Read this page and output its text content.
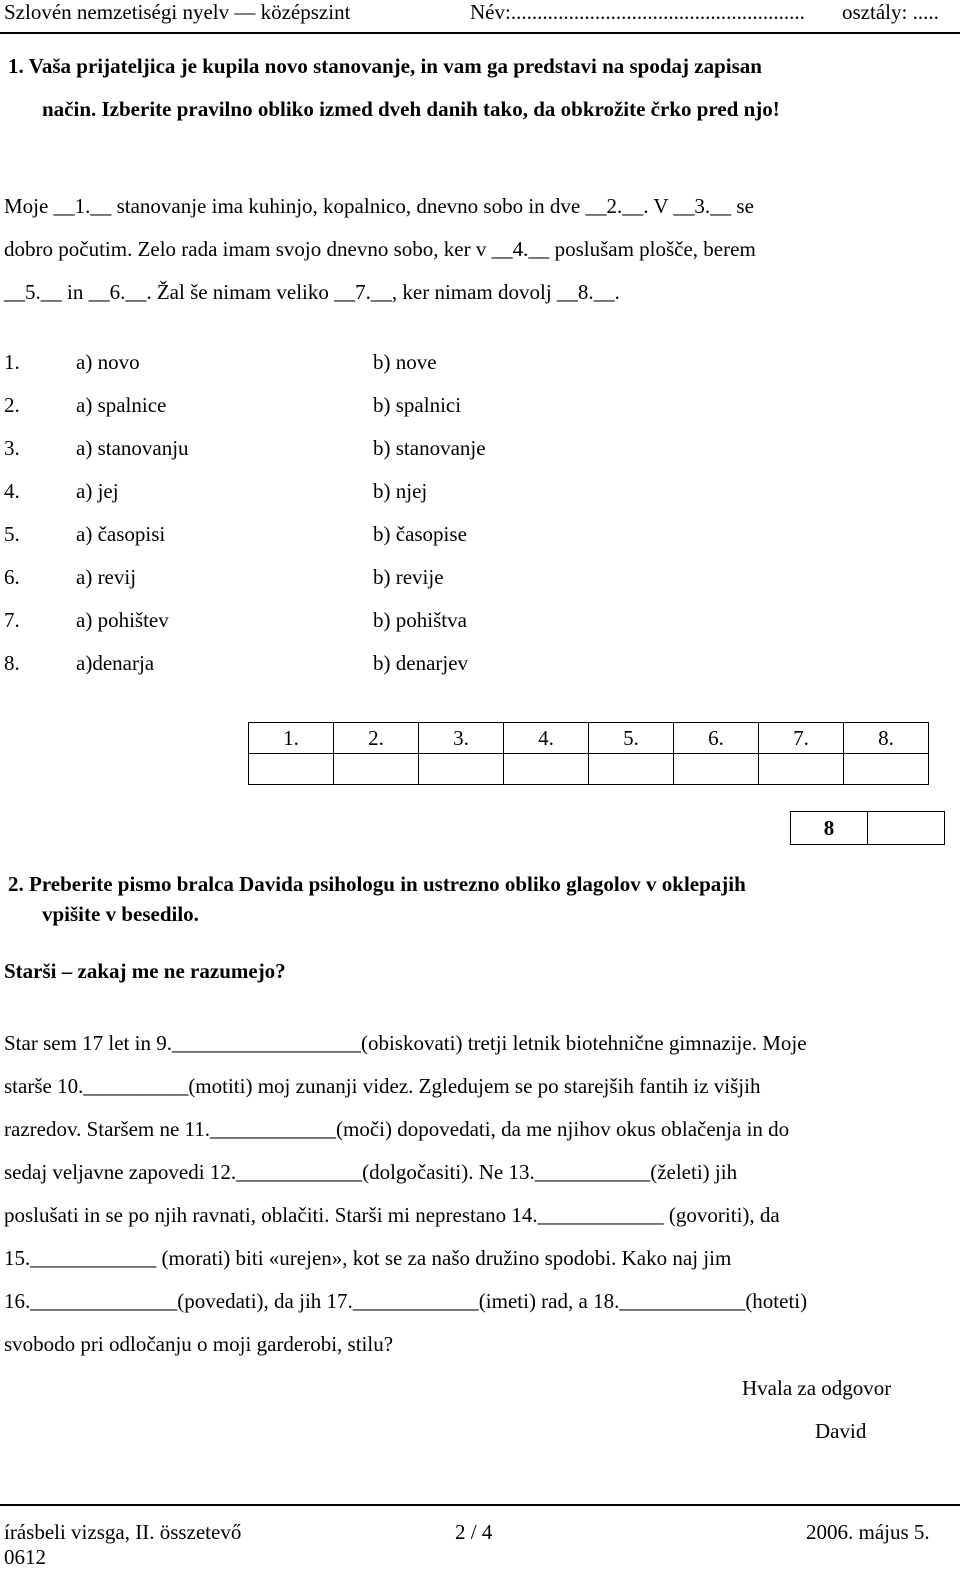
Szlovén nemzetiségi nyelv — középszint	Név:........................................................ osztály: .....
1. Vaša prijateljica je kupila novo stanovanje, in vam ga predstavi na spodaj zapisan
način. Izberite pravilno obliko izmed dveh danih tako, da obkrožite črko pred njo!
Moje __1.__ stanovanje ima kuhinjo, kopalnico, dnevno sobo in dve __2.__. V __3.__ se
dobro počutim. Zelo rada imam svojo dnevno sobo, ker v __4.__ poslušam plošče, berem
__5.__ in __6.__. Žal še nimam veliko __7.__, ker nimam dovolj __8.__.
1.	a) novo	b) nove
2.	a) spalnice	b) spalnici
3.	a) stanovanju	b) stanovanje
4.	a) jej	b) njej
5.	a) časopisi	b) časopise
6.	a) revij	b) revije
7.	a) pohištev	b) pohištva
8.	a)denarja	b) denarjev
1.	2.	3.	4.	5.	6.	7.	8.

8	
2. Preberite pismo bralca Davida psihologu in ustrezno obliko glagolov v oklepajih
vpišite v besedilo.
Starši – zakaj me ne razumejo?
Star sem 17 let in 9.__________________(obiskovati) tretji letnik biotehnične gimnazije. Moje
starše 10.__________(motiti) moj zunanji videz. Zgledujem se po starejših fantih iz višjih
razredov. Staršem ne 11.____________(moči) dopovedati, da me njihov okus oblačenja in do
sedaj veljavne zapovedi 12.____________(dolgočasiti). Ne 13.___________(želeti) jih
poslušati in se po njih ravnati, oblačiti. Starši mi neprestano 14.____________ (govoriti), da
15.____________ (morati) biti «urejen», kot se za našo družino spodobi. Kako naj jim
16.______________(povedati), da jih 17.____________(imeti) rad, a 18.____________(hoteti)
svobodo pri odločanju o moji garderobi, stilu?
Hvala za odgovor
David
írásbeli vizsga, II. összetevő	2 / 4	2006. május 5.
0612
